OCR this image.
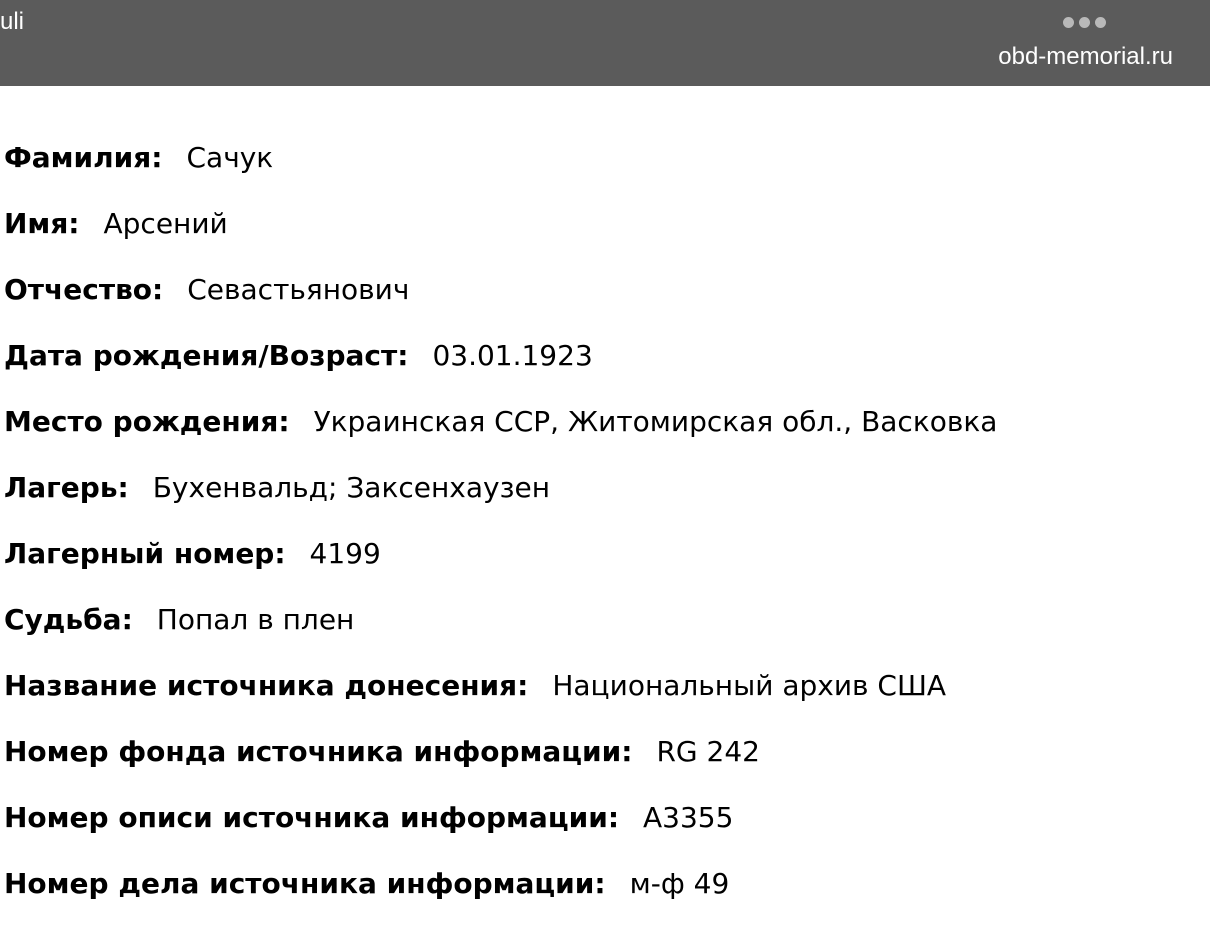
uli
obd-memorial.ru
Фамилия: Сачук
Имя: Арсений
Отчество: Севастьянович
Дата рождения/Возраст: 03.01.1923
Место рождения: Украинская ССР, Житомирская обл., Васковка
Лагерь: Бухенвальд; Заксенхаузен
Лагерный номер: 4199
Судьба: Попал в плен
Название источника донесения: Национальный архив США
Номер фонда источника информации: RG 242
Номер описи источника информации: A3355
Номер дела источника информации: м-ф 49
